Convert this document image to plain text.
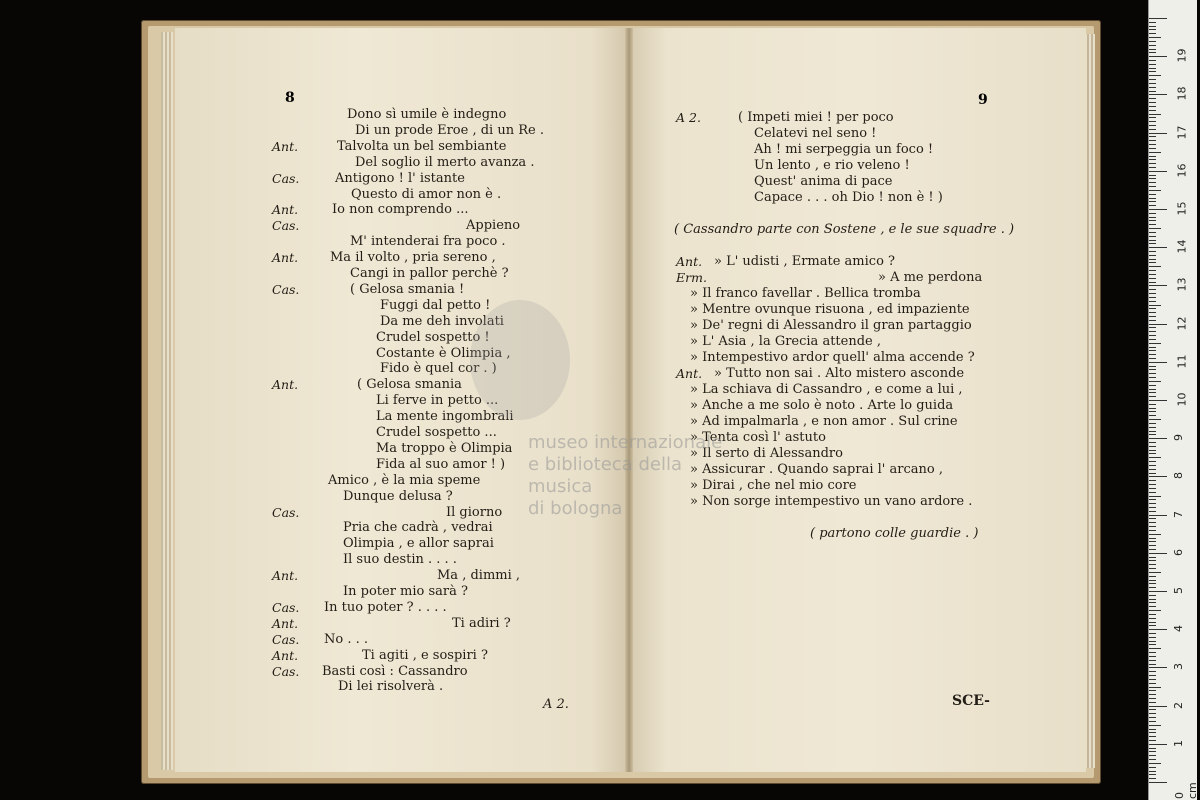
8	9
Dono sì umile è indegno
Di un prode Eroe , di un Re .
Ant.	Talvolta un bel sembiante
Del soglio il merto avanza .
Cas.	Antigono ! l' istante
Questo di amor non è .
Ant.	Io non comprendo ...
Cas.	Appieno
M' intenderai fra poco .
Ant. Ma il volto , pria sereno ,
Cangi in pallor perchè ?
Cas.	( Gelosa smania !
Fuggi dal petto !
Da me deh involati
Crudel sospetto !
Costante è Olimpia ,
Fido è quel cor . )
Ant.	( Gelosa smania
Li ferve in petto ...
La mente ingombrali
Crudel sospetto ...
Ma troppo è Olimpia
Fida al suo amor ! )
Amico , è la mia speme
Dunque delusa ?
Cas.	Il giorno
Pria che cadrà , vedrai
Olimpia , e allor saprai
Il suo destin . . . .
Ant.	Ma , dimmi ,
In poter mio sarà ?
Cas. In tuo poter ? . . . .
Ant.	Ti adiri ?
Cas. No . . .
Ant.	Ti agiti , e sospiri ?
Cas. Basti così : Cassandro
Di lei risolverà .
A 2.	( Impeti miei ! per poco
Celatevi nel seno !
Ah ! mi serpeggia un foco !
Un lento , e rio veleno !
Quest' anima di pace
Capace . . . oh Dio ! non è ! )
( Cassandro parte con Sostene , e le sue squadre . )
Ant. » L' udisti , Ermate amico ?
Erm.	» A me perdona
» Il franco favellar . Bellica tromba
» Mentre ovunque risuona , ed impaziente
» De' regni di Alessandro il gran partaggio
» L' Asia , la Grecia attende ,
» Intempestivo ardor quell' alma accende ?
Ant. » Tutto non sai . Alto mistero asconde
» La schiava di Cassandro , e come a lui ,
» Anche a me solo è noto . Arte lo guida
» Ad impalmarla , e non amor . Sul crine
» Tenta così l' astuto
» Il serto di Alessandro
» Assicurar . Quando saprai l' arcano ,
» Dirai , che nel mio core
» Non sorge intempestivo un vano ardore .
( partono colle guardie . )
A 2.	SCE-
museo internazionale
e biblioteca della musica
di bologna
0 cm
1
2
3
4
5
6
7
8
9
10
11
12
13
14
15
16
17
18
19
